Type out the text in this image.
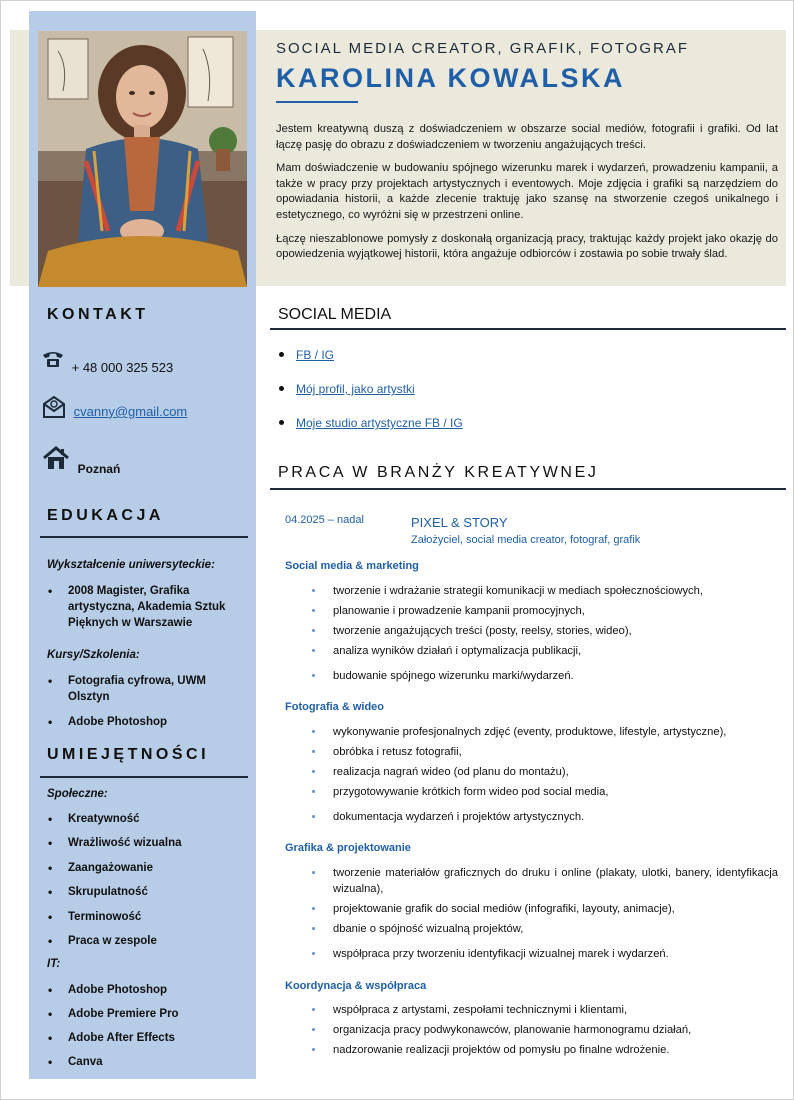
SOCIAL MEDIA CREATOR, GRAFIK, FOTOGRAF
KAROLINA KOWALSKA

Jestem kreatywną duszą z doświadczeniem w obszarze social mediów, fotografii i grafiki. Od lat łączę pasję do obrazu z doświadczeniem w tworzeniu angażujących treści.

Mam doświadczenie w budowaniu spójnego wizerunku marek i wydarzeń, prowadzeniu kampanii, a także w pracy przy projektach artystycznych i eventowych. Moje zdjęcia i grafiki są narzędziem do opowiadania historii, a każde zlecenie traktuję jako szansę na stworzenie czegoś unikalnego i estetycznego, co wyróżni się w przestrzeni online.

Łączę nieszablonowe pomysły z doskonałą organizacją pracy, traktując każdy projekt jako okazję do opowiedzenia wyjątkowej historii, która angażuje odbiorców i zostawia po sobie trwały ślad.

KONTAKT
+ 48 000 325 523
cvanny@gmail.com
Poznań
EDUKACJA
Wykształcenie uniwersyteckie:
• 2008 Magister, Grafika artystyczna, Akademia Sztuk Pięknych w Warszawie
Kursy/Szkolenia:
• Fotografia cyfrowa, UWM Olsztyn
• Adobe Photoshop
UMIEJĘTNOŚCI
Społeczne:
• Kreatywność
• Wrażliwość wizualna
• Zaangażowanie
• Skrupulatność
• Terminowość
• Praca w zespole
IT:
• Adobe Photoshop
• Adobe Premiere Pro
• Adobe After Effects
• Canva
SOCIAL MEDIA
FB / IG
Mój profil, jako artystki
Moje studio artystyczne FB / IG
PRACA W BRANŻY KREATYWNEJ
04.2025 – nadal	PIXEL & STORY
Założyciel, social media creator, fotograf, grafik
Social media & marketing
tworzenie i wdrażanie strategii komunikacji w mediach społecznościowych,
planowanie i prowadzenie kampanii promocyjnych,
tworzenie angażujących treści (posty, reelsy, stories, wideo),
analiza wyników działań i optymalizacja publikacji,
budowanie spójnego wizerunku marki/wydarzeń.
Fotografia & wideo
wykonywanie profesjonalnych zdjęć (eventy, produktowe, lifestyle, artystyczne),
obróbka i retusz fotografii,
realizacja nagrań wideo (od planu do montażu),
przygotowywanie krótkich form wideo pod social media,
dokumentacja wydarzeń i projektów artystycznych.
Grafika & projektowanie
tworzenie materiałów graficznych do druku i online (plakaty, ulotki, banery, identyfikacja wizualna),
projektowanie grafik do social mediów (infografiki, layouty, animacje),
dbanie o spójność wizualną projektów,
współpraca przy tworzeniu identyfikacji wizualnej marek i wydarzeń.
Koordynacja & współpraca
współpraca z artystami, zespołami technicznymi i klientami,
organizacja pracy podwykonawców, planowanie harmonogramu działań,
nadzorowanie realizacji projektów od pomysłu po finalne wdrożenie.
